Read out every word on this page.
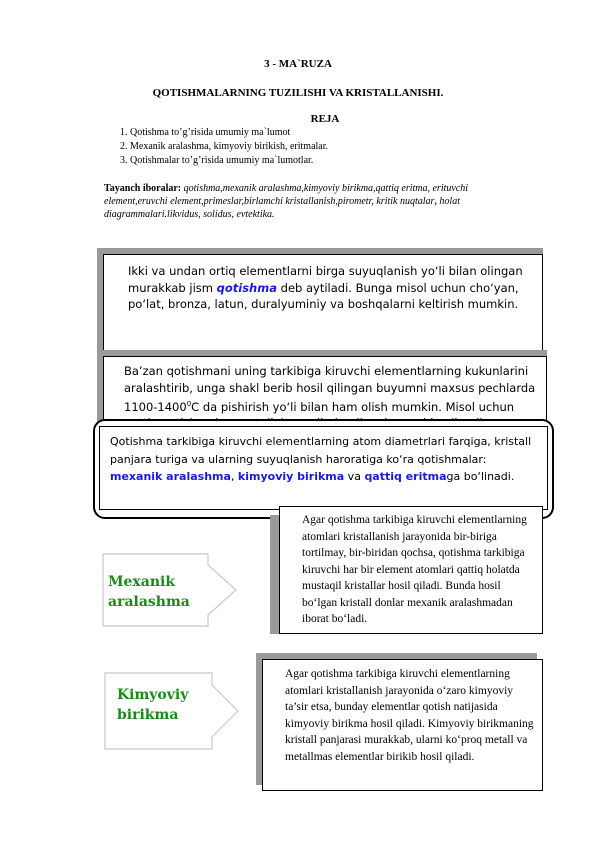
3 - MA`RUZA
QOTISHMALARNING TUZILISHI VA KRISTALLANISHI.
REJA
1. Qotishma to’g’risida umumiy ma`lumot
2. Mexanik aralashma, kimyoviy birikish, eritmalar.
3. Qotishmalar to’g’risida umumiy ma`lumotlar.
Tayanch iboralar: qotishma,mexanik aralashma,kimyoviy birikma,qattiq eritma, erituvchi element,eruvchi element,primeslar,birlamchi kristallanish,pirometr, kritik nuqtalar, holat diagrammalari.likvidus, solidus, evtektika.
Ikki va undan ortiq elementlarni birga suyuqlanish yo‘li bilan olingan murakkab jism qotishma deb aytiladi. Bunga misol uchun cho‘yan, po‘lat, bronza, latun, duralyuminiy va boshqalarni keltirish mumkin.
Ba’zan qotishmani uning tarkibiga kiruvchi elementlarning kukunlarini aralashtirib, unga shakl berib hosil qilingan buyumni maxsus pechlarda 1100-1400$^0$C da pishirish yo‘li bilan ham olish mumkin. Misol uchun
Qotishma tarkibiga kiruvchi elementlarning atom diametrlari farqiga, kristall panjara turiga va ularning suyuqlanish haroratiga ko‘ra qotishmalar: mexanik aralashma, kimyoviy birikma va qattiq eritmaga bo‘linadi.
Mexanik
aralashma
Agar qotishma tarkibiga kiruvchi elementlarning atomlari kristallanish jarayonida bir-biriga tortilmay, bir-biridan qochsa, qotishma tarkibiga kiruvchi har bir element atomlari qattiq holatda mustaqil kristallar hosil qiladi. Bunda hosil bo‘lgan kristall donlar mexanik aralashmadan iborat bo‘ladi.
Kimyoviy
birikma
Agar qotishma tarkibiga kiruvchi elementlarning atomlari kristallanish jarayonida o‘zaro kimyoviy ta’sir etsa, bunday elementlar qotish natijasida kimyoviy birikma hosil qiladi. Kimyoviy birikmaning kristall panjarasi murakkab, ularni ko‘proq metall va metallmas elementlar birikib hosil qiladi.
